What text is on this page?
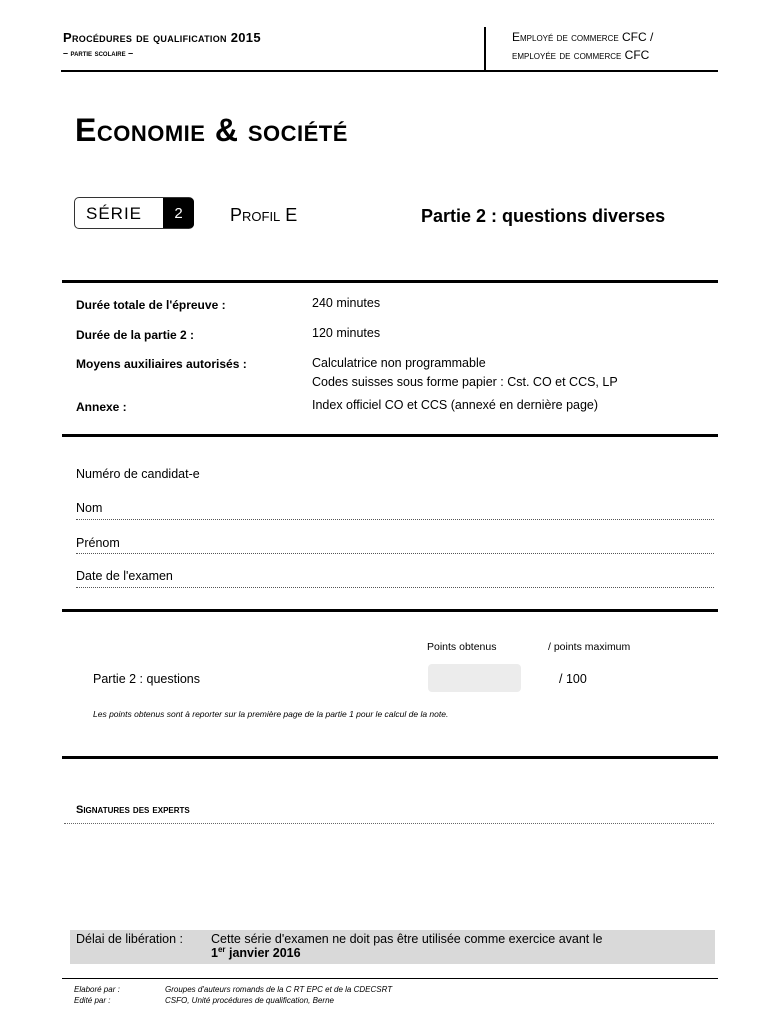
Procédures de qualification 2015
– partie scolaire –
Employé de commerce CFC /
employée de commerce CFC
Economie & société
SÉRIE	2	Profil E	Partie 2 : questions diverses
Durée totale de l'épreuve :	240 minutes
Durée de la partie 2 :	120 minutes
Moyens auxiliaires autorisés :	Calculatrice non programmable
Codes suisses sous forme papier : Cst. CO et CCS, LP
Annexe :	Index officiel CO et CCS (annexé en dernière page)
Numéro de candidat-e
Nom
Prénom
Date de l'examen
Points obtenus	/ points maximum
Partie 2 : questions	/ 100
Les points obtenus sont à reporter sur la première page de la partie 1 pour le calcul de la note.
Signatures des experts
Délai de libération : Cette série d'examen ne doit pas être utilisée comme exercice avant le
1er janvier 2016
Elaboré par :	Groupes d'auteurs romands de la C RT EPC et de la CDECSRT
Edité par :	CSFO, Unité procédures de qualification, Berne
